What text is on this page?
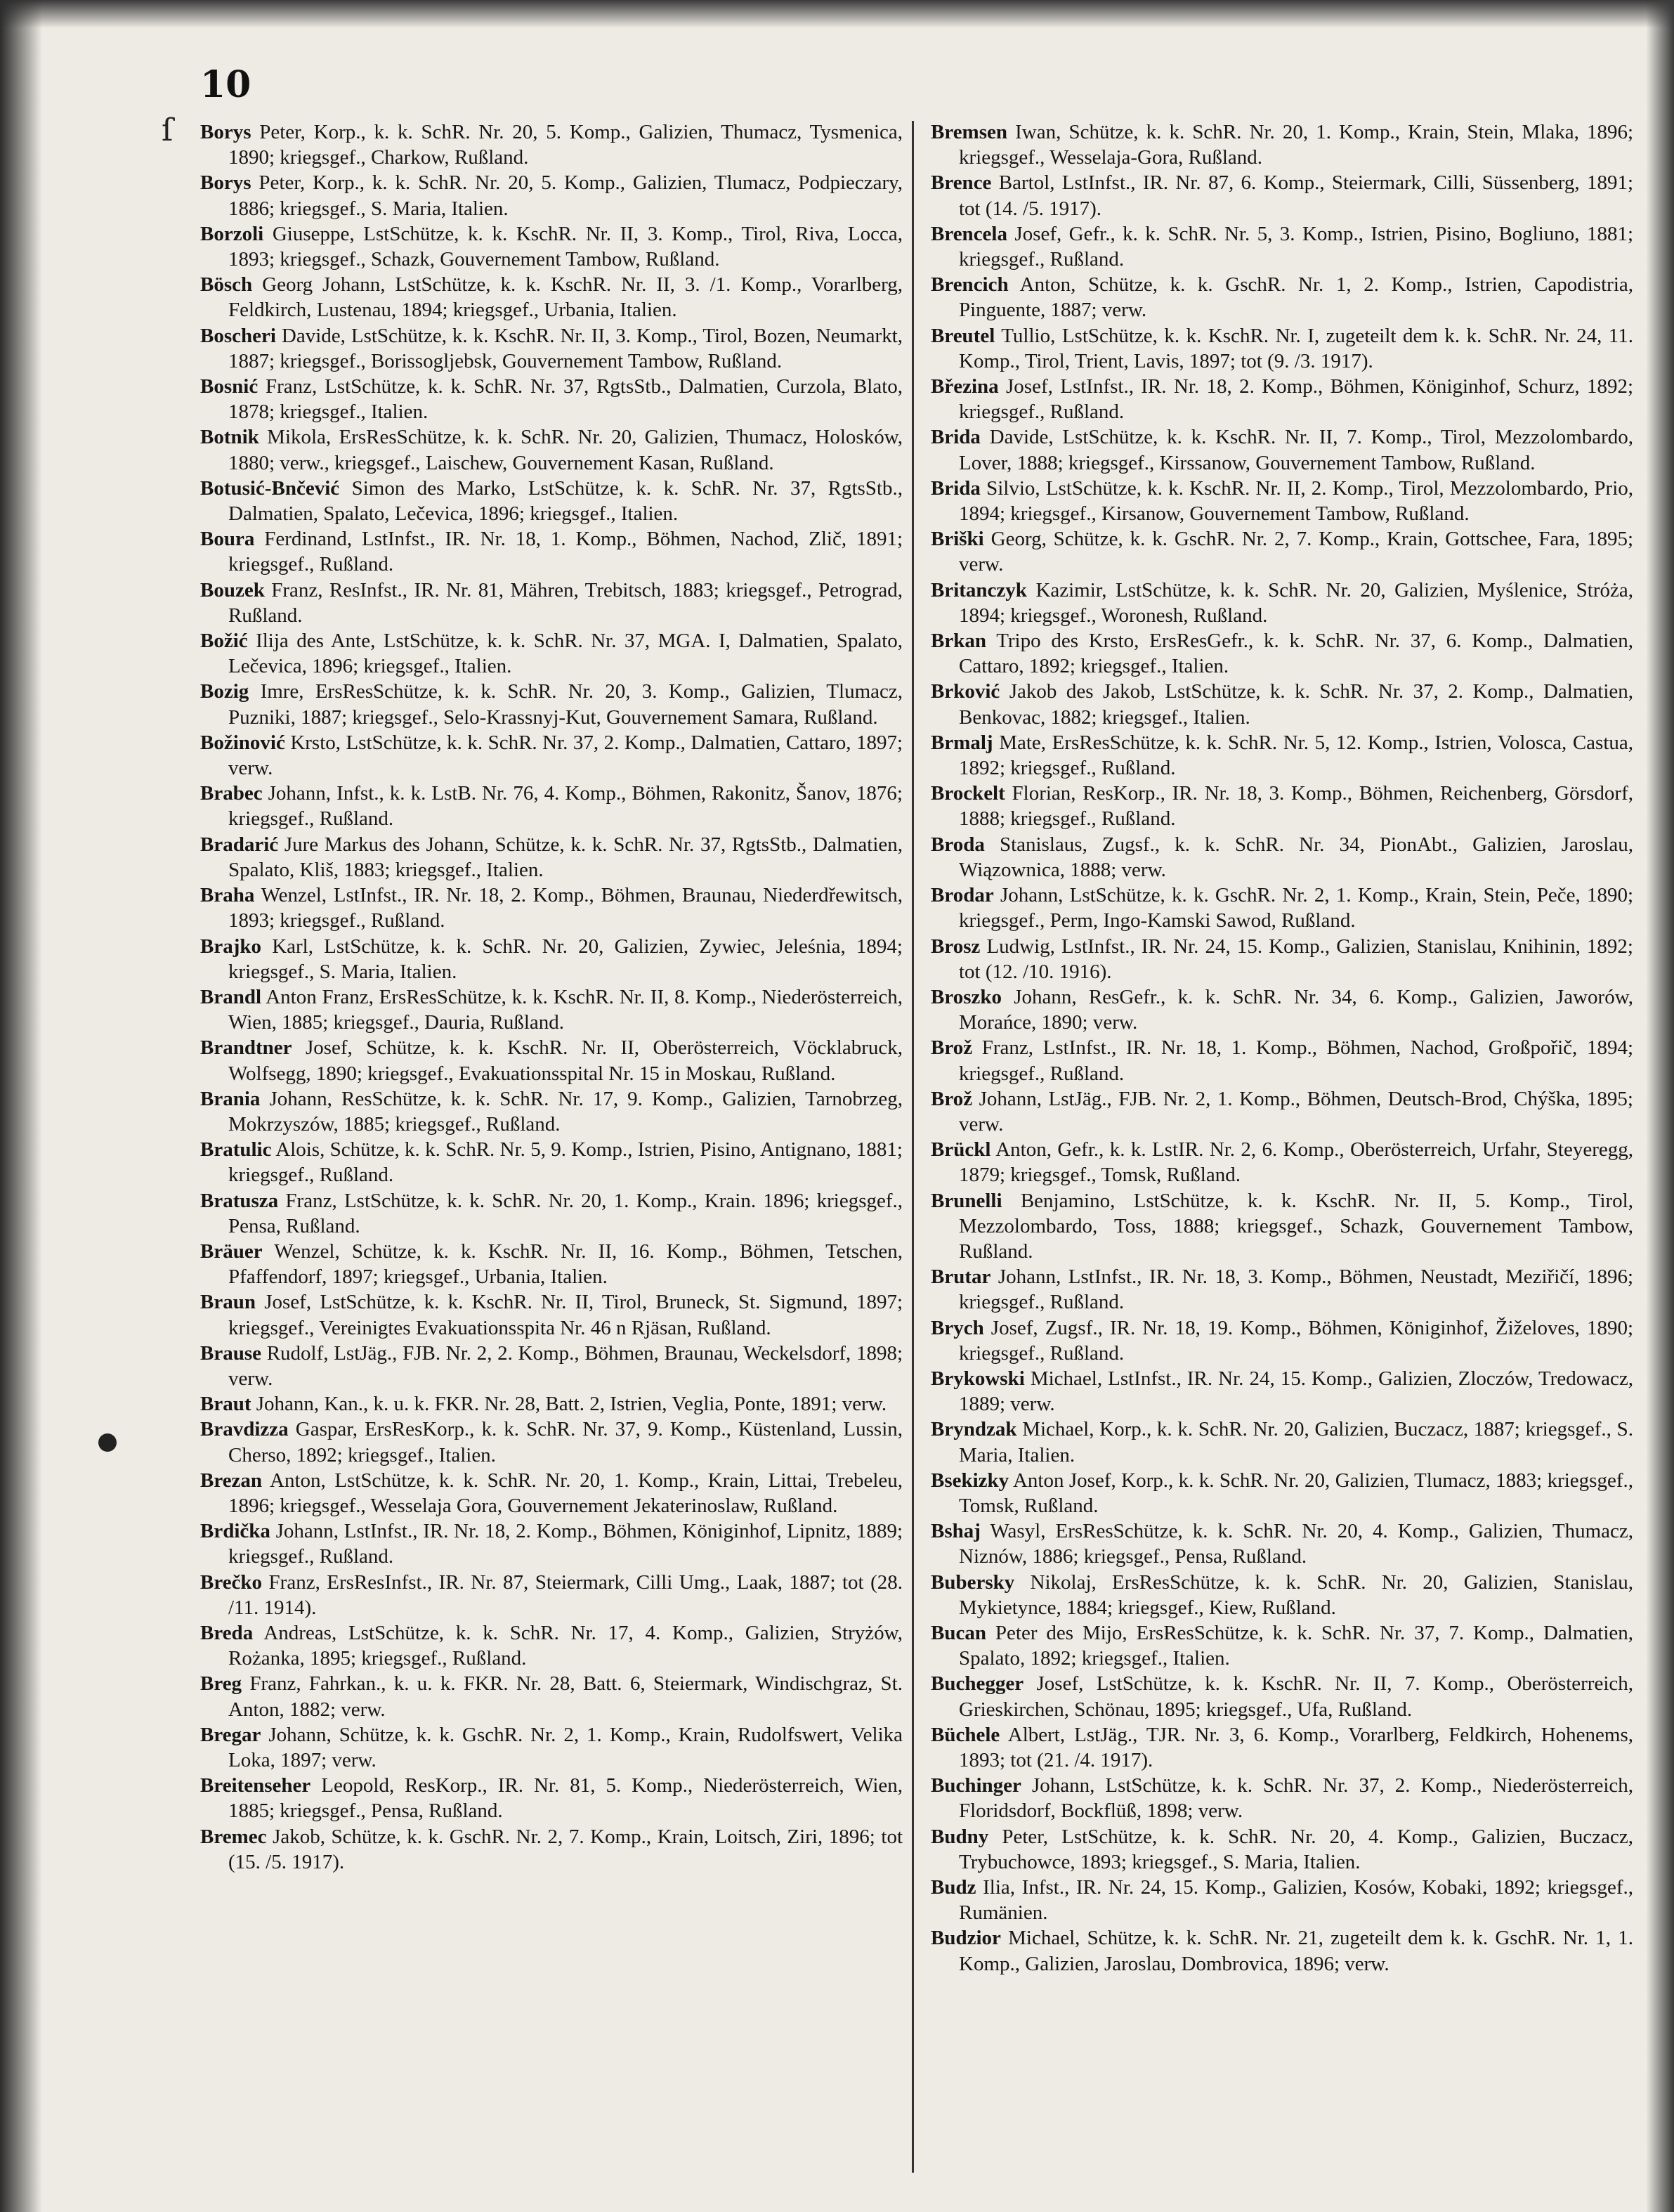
10
ſ Borys Peter, Korp., k. k. SchR. Nr. 20, 5. Komp., Galizien, Thumacz, Tysmenica, 1890; kriegsgef., Charkow, Rußland.

Borys Peter, Korp., k. k. SchR. Nr. 20, 5. Komp., Galizien, Tlumacz, Podpieczary, 1886; kriegsgef., S. Maria, Italien.

Borzoli Giuseppe, LstSchütze, k. k. KschR. Nr. II, 3. Komp., Tirol, Riva, Locca, 1893; kriegsgef., Schazk, Gouvernement Tambow, Rußland.

Bösch Georg Johann, LstSchütze, k. k. KschR. Nr. II, 3. /1. Komp., Vorarlberg, Feldkirch, Lustenau, 1894; kriegsgef., Urbania, Italien.

Boscheri Davide, LstSchütze, k. k. KschR. Nr. II, 3. Komp., Tirol, Bozen, Neumarkt, 1887; kriegsgef., Borissogljebsk, Gouvernement Tambow, Rußland.

Bosnić Franz, LstSchütze, k. k. SchR. Nr. 37, RgtsStb., Dalmatien, Curzola, Blato, 1878; kriegsgef., Italien.

Botnik Mikola, ErsResSchütze, k. k. SchR. Nr. 20, Galizien, Thumacz, Holosków, 1880; verw., kriegsgef., Laischew, Gouvernement Kasan, Rußland.

Botusić-Bnčević Simon des Marko, LstSchütze, k. k. SchR. Nr. 37, RgtsStb., Dalmatien, Spalato, Lečevica, 1896; kriegsgef., Italien.

Boura Ferdinand, LstInfst., IR. Nr. 18, 1. Komp., Böhmen, Nachod, Zlič, 1891; kriegsgef., Rußland.

Bouzek Franz, ResInfst., IR. Nr. 81, Mähren, Trebitsch, 1883; kriegsgef., Petrograd, Rußland.

Božić Ilija des Ante, LstSchütze, k. k. SchR. Nr. 37, MGA. I, Dalmatien, Spalato, Lečevica, 1896; kriegsgef., Italien.

Bozig Imre, ErsResSchütze, k. k. SchR. Nr. 20, 3. Komp., Galizien, Tlumacz, Puzniki, 1887; kriegsgef., Selo-Krassnyj-Kut, Gouvernement Samara, Rußland.

Božinović Krsto, LstSchütze, k. k. SchR. Nr. 37, 2. Komp., Dalmatien, Cattaro, 1897; verw.

Brabec Johann, Infst., k. k. LstB. Nr. 76, 4. Komp., Böhmen, Rakonitz, Šanov, 1876; kriegsgef., Rußland.

Bradarić Jure Markus des Johann, Schütze, k. k. SchR. Nr. 37, RgtsStb., Dalmatien, Spalato, Kliš, 1883; kriegsgef., Italien.

Braha Wenzel, LstInfst., IR. Nr. 18, 2. Komp., Böhmen, Braunau, Niederdřewitsch, 1893; kriegsgef., Rußland.

Brajko Karl, LstSchütze, k. k. SchR. Nr. 20, Galizien, Zywiec, Jeleśnia, 1894; kriegsgef., S. Maria, Italien.

Brandl Anton Franz, ErsResSchütze, k. k. KschR. Nr. II, 8. Komp., Niederösterreich, Wien, 1885; kriegsgef., Dauria, Rußland.

Brandtner Josef, Schütze, k. k. KschR. Nr. II, Oberösterreich, Vöcklabruck, Wolfsegg, 1890; kriegsgef., Evakuationsspital Nr. 15 in Moskau, Rußland.

Brania Johann, ResSchütze, k. k. SchR. Nr. 17, 9. Komp., Galizien, Tarnobrzeg, Mokrzyszów, 1885; kriegsgef., Rußland.

Bratulic Alois, Schütze, k. k. SchR. Nr. 5, 9. Komp., Istrien, Pisino, Antignano, 1881; kriegsgef., Rußland.

Bratusza Franz, LstSchütze, k. k. SchR. Nr. 20, 1. Komp., Krain. 1896; kriegsgef., Pensa, Rußland.

Bräuer Wenzel, Schütze, k. k. KschR. Nr. II, 16. Komp., Böhmen, Tetschen, Pfaffendorf, 1897; kriegsgef., Urbania, Italien.

Braun Josef, LstSchütze, k. k. KschR. Nr. II, Tirol, Bruneck, St. Sigmund, 1897; kriegsgef., Vereinigtes Evakuationsspita Nr. 46 n Rjäsan, Rußland.

Brause Rudolf, LstJäg., FJB. Nr. 2, 2. Komp., Böhmen, Braunau, Weckelsdorf, 1898; verw.

Braut Johann, Kan., k. u. k. FKR. Nr. 28, Batt. 2, Istrien, Veglia, Ponte, 1891; verw.

Bravdizza Gaspar, ErsResKorp., k. k. SchR. Nr. 37, 9. Komp., Küstenland, Lussin, Cherso, 1892; kriegsgef., Italien.

Brezan Anton, LstSchütze, k. k. SchR. Nr. 20, 1. Komp., Krain, Littai, Trebeleu, 1896; kriegsgef., Wesselaja Gora, Gouvernement Jekaterinoslaw, Rußland.

Brdička Johann, LstInfst., IR. Nr. 18, 2. Komp., Böhmen, Königinhof, Lipnitz, 1889; kriegsgef., Rußland.

Brečko Franz, ErsResInfst., IR. Nr. 87, Steiermark, Cilli Umg., Laak, 1887; tot (28. /11. 1914).

Breda Andreas, LstSchütze, k. k. SchR. Nr. 17, 4. Komp., Galizien, Stryżów, Rożanka, 1895; kriegsgef., Rußland.

Breg Franz, Fahrkan., k. u. k. FKR. Nr. 28, Batt. 6, Steiermark, Windischgraz, St. Anton, 1882; verw.

Bregar Johann, Schütze, k. k. GschR. Nr. 2, 1. Komp., Krain, Rudolfswert, Velika Loka, 1897; verw.

Breitenseher Leopold, ResKorp., IR. Nr. 81, 5. Komp., Niederösterreich, Wien, 1885; kriegsgef., Pensa, Rußland.

Bremec Jakob, Schütze, k. k. GschR. Nr. 2, 7. Komp., Krain, Loitsch, Ziri, 1896; tot (15. /5. 1917).

Bremsen Iwan, Schütze, k. k. SchR. Nr. 20, 1. Komp., Krain, Stein, Mlaka, 1896; kriegsgef., Wesselaja-Gora, Rußland.

Brence Bartol, LstInfst., IR. Nr. 87, 6. Komp., Steiermark, Cilli, Süssenberg, 1891; tot (14. /5. 1917).

Brencela Josef, Gefr., k. k. SchR. Nr. 5, 3. Komp., Istrien, Pisino, Bogliuno, 1881; kriegsgef., Rußland.

Brencich Anton, Schütze, k. k. GschR. Nr. 1, 2. Komp., Istrien, Capodistria, Pinguente, 1887; verw.

Breutel Tullio, LstSchütze, k. k. KschR. Nr. I, zugeteilt dem k. k. SchR. Nr. 24, 11. Komp., Tirol, Trient, Lavis, 1897; tot (9. /3. 1917).

Březina Josef, LstInfst., IR. Nr. 18, 2. Komp., Böhmen, Königinhof, Schurz, 1892; kriegsgef., Rußland.

Brida Davide, LstSchütze, k. k. KschR. Nr. II, 7. Komp., Tirol, Mezzolombardo, Lover, 1888; kriegsgef., Kirssanow, Gouvernement Tambow, Rußland.

Brida Silvio, LstSchütze, k. k. KschR. Nr. II, 2. Komp., Tirol, Mezzolombardo, Prio, 1894; kriegsgef., Kirsanow, Gouvernement Tambow, Rußland.

Briški Georg, Schütze, k. k. GschR. Nr. 2, 7. Komp., Krain, Gottschee, Fara, 1895; verw.

Britanczyk Kazimir, LstSchütze, k. k. SchR. Nr. 20, Galizien, Myślenice, Stróża, 1894; kriegsgef., Woronesh, Rußland.

Brkan Tripo des Krsto, ErsResGefr., k. k. SchR. Nr. 37, 6. Komp., Dalmatien, Cattaro, 1892; kriegsgef., Italien.

Brković Jakob des Jakob, LstSchütze, k. k. SchR. Nr. 37, 2. Komp., Dalmatien, Benkovac, 1882; kriegsgef., Italien.

Brmalj Mate, ErsResSchütze, k. k. SchR. Nr. 5, 12. Komp., Istrien, Volosca, Castua, 1892; kriegsgef., Rußland.

Brockelt Florian, ResKorp., IR. Nr. 18, 3. Komp., Böhmen, Reichenberg, Görsdorf, 1888; kriegsgef., Rußland.

Broda Stanislaus, Zugsf., k. k. SchR. Nr. 34, PionAbt., Galizien, Jaroslau, Wiązownica, 1888; verw.

Brodar Johann, LstSchütze, k. k. GschR. Nr. 2, 1. Komp., Krain, Stein, Peče, 1890; kriegsgef., Perm, Ingo-Kamski Sawod, Rußland.

Brosz Ludwig, LstInfst., IR. Nr. 24, 15. Komp., Galizien, Stanislau, Knihinin, 1892; tot (12. /10. 1916).

Broszko Johann, ResGefr., k. k. SchR. Nr. 34, 6. Komp., Galizien, Jaworów, Morańce, 1890; verw.

Brož Franz, LstInfst., IR. Nr. 18, 1. Komp., Böhmen, Nachod, Großpořič, 1894; kriegsgef., Rußland.

Brož Johann, LstJäg., FJB. Nr. 2, 1. Komp., Böhmen, Deutsch-Brod, Chýška, 1895; verw.

Brückl Anton, Gefr., k. k. LstIR. Nr. 2, 6. Komp., Oberösterreich, Urfahr, Steyeregg, 1879; kriegsgef., Tomsk, Rußland.

Brunelli Benjamino, LstSchütze, k. k. KschR. Nr. II, 5. Komp., Tirol, Mezzolombardo, Toss, 1888; kriegsgef., Schazk, Gouvernement Tambow, Rußland.

Brutar Johann, LstInfst., IR. Nr. 18, 3. Komp., Böhmen, Neustadt, Meziřičí, 1896; kriegsgef., Rußland.

Brych Josef, Zugsf., IR. Nr. 18, 19. Komp., Böhmen, Königinhof, Žiželoves, 1890; kriegsgef., Rußland.

Brykowski Michael, LstInfst., IR. Nr. 24, 15. Komp., Galizien, Zloczów, Tredowacz, 1889; verw.

Bryndzak Michael, Korp., k. k. SchR. Nr. 20, Galizien, Buczacz, 1887; kriegsgef., S. Maria, Italien.

Bsekizky Anton Josef, Korp., k. k. SchR. Nr. 20, Galizien, Tlumacz, 1883; kriegsgef., Tomsk, Rußland.

Bshaj Wasyl, ErsResSchütze, k. k. SchR. Nr. 20, 4. Komp., Galizien, Thumacz, Niznów, 1886; kriegsgef., Pensa, Rußland.

Bubersky Nikolaj, ErsResSchütze, k. k. SchR. Nr. 20, Galizien, Stanislau, Mykietynce, 1884; kriegsgef., Kiew, Rußland.

Bucan Peter des Mijo, ErsResSchütze, k. k. SchR. Nr. 37, 7. Komp., Dalmatien, Spalato, 1892; kriegsgef., Italien.

Buchegger Josef, LstSchütze, k. k. KschR. Nr. II, 7. Komp., Oberösterreich, Grieskirchen, Schönau, 1895; kriegsgef., Ufa, Rußland.

Büchele Albert, LstJäg., TJR. Nr. 3, 6. Komp., Vorarlberg, Feldkirch, Hohenems, 1893; tot (21. /4. 1917).

Buchinger Johann, LstSchütze, k. k. SchR. Nr. 37, 2. Komp., Niederösterreich, Floridsdorf, Bockflüß, 1898; verw.

Budny Peter, LstSchütze, k. k. SchR. Nr. 20, 4. Komp., Galizien, Buczacz, Trybuchowce, 1893; kriegsgef., S. Maria, Italien.

Budz Ilia, Infst., IR. Nr. 24, 15. Komp., Galizien, Kosów, Kobaki, 1892; kriegsgef., Rumänien.

Budzior Michael, Schütze, k. k. SchR. Nr. 21, zugeteilt dem k. k. GschR. Nr. 1, 1. Komp., Galizien, Jaroslau, Dombrovica, 1896; verw.
